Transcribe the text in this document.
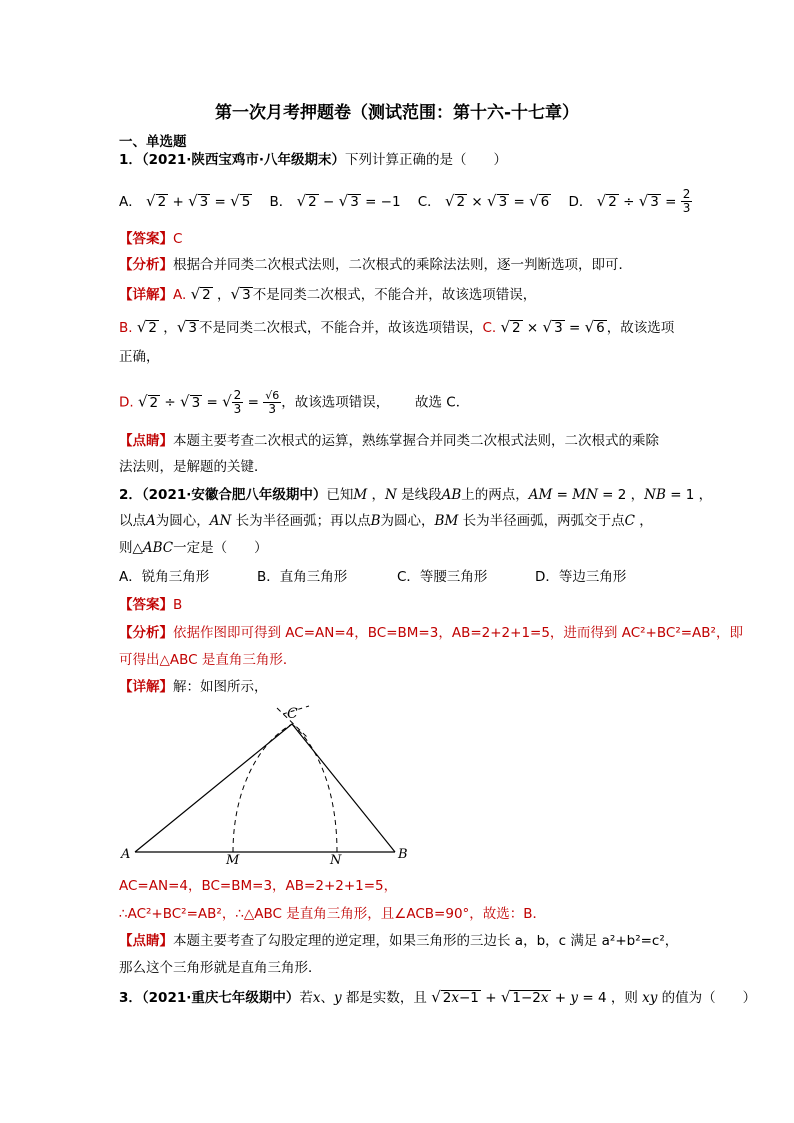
第一次月考押题卷（测试范围：第十六-十七章）
一、单选题
1．（2021·陕西宝鸡市·八年级期末）下列计算正确的是（　　）
A． √ 2 + √ 3 = √ 5 B． √ 2 − √ 3 = −1 C． √ 2 × √ 3 = √ 6 D． √ 2 ÷ √ $3 = \frac{2}{3}$
【答案】C
【分析】根据合并同类二次根式法则，二次根式的乘除法法则，逐一判断选项，即可．
【详解】A. √ 2 ，√ 3 不是同类二次根式，不能合并，故该选项错误，
B. √ 2 ，√ 3 不是同类二次根式，不能合并，故该选项错误，C. √ 2 × √ 3 = √ 6 ，故该选项
正确，
D. √ 2 ÷ √ 3 = √ $\frac{2}{3} = \frac{√6}{3}$ ，故该选项错误， 故选 C．
【点睛】本题主要考查二次根式的运算，熟练掌握合并同类二次根式法则，二次根式的乘除
法法则，是解题的关键．
2．（2021·安徽合肥八年级期中）已知M ，N 是线段AB上的两点，AM = MN = 2 ，NB = 1 ，
以点A为圆心，AN 长为半径画弧；再以点B为圆心，BM 长为半径画弧，两弧交于点C ，
则△ABC一定是（　　）
A．锐角三角形	B．直角三角形	C．等腰三角形	D．等边三角形
【答案】B
【分析】依据作图即可得到 AC=AN=4，BC=BM=3，AB=2+2+1=5，进而得到 AC²+BC²=AB²，即
可得出△ABC 是直角三角形．
【详解】解：如图所示，
C
A	M	N	B
AC=AN=4，BC=BM=3，AB=2+2+1=5，
∴AC²+BC²=AB²，∴△ABC 是直角三角形，且∠ACB=90°，故选：B．
【点睛】本题主要考查了勾股定理的逆定理，如果三角形的三边长 a，b，c 满足 a²+b²=c²，
那么这个三角形就是直角三角形．
3．（2021·重庆七年级期中）若x、y 都是实数，且 √ 2x−1 + √ 1−2x + y = 4 ，则 xy 的值为（　　）
